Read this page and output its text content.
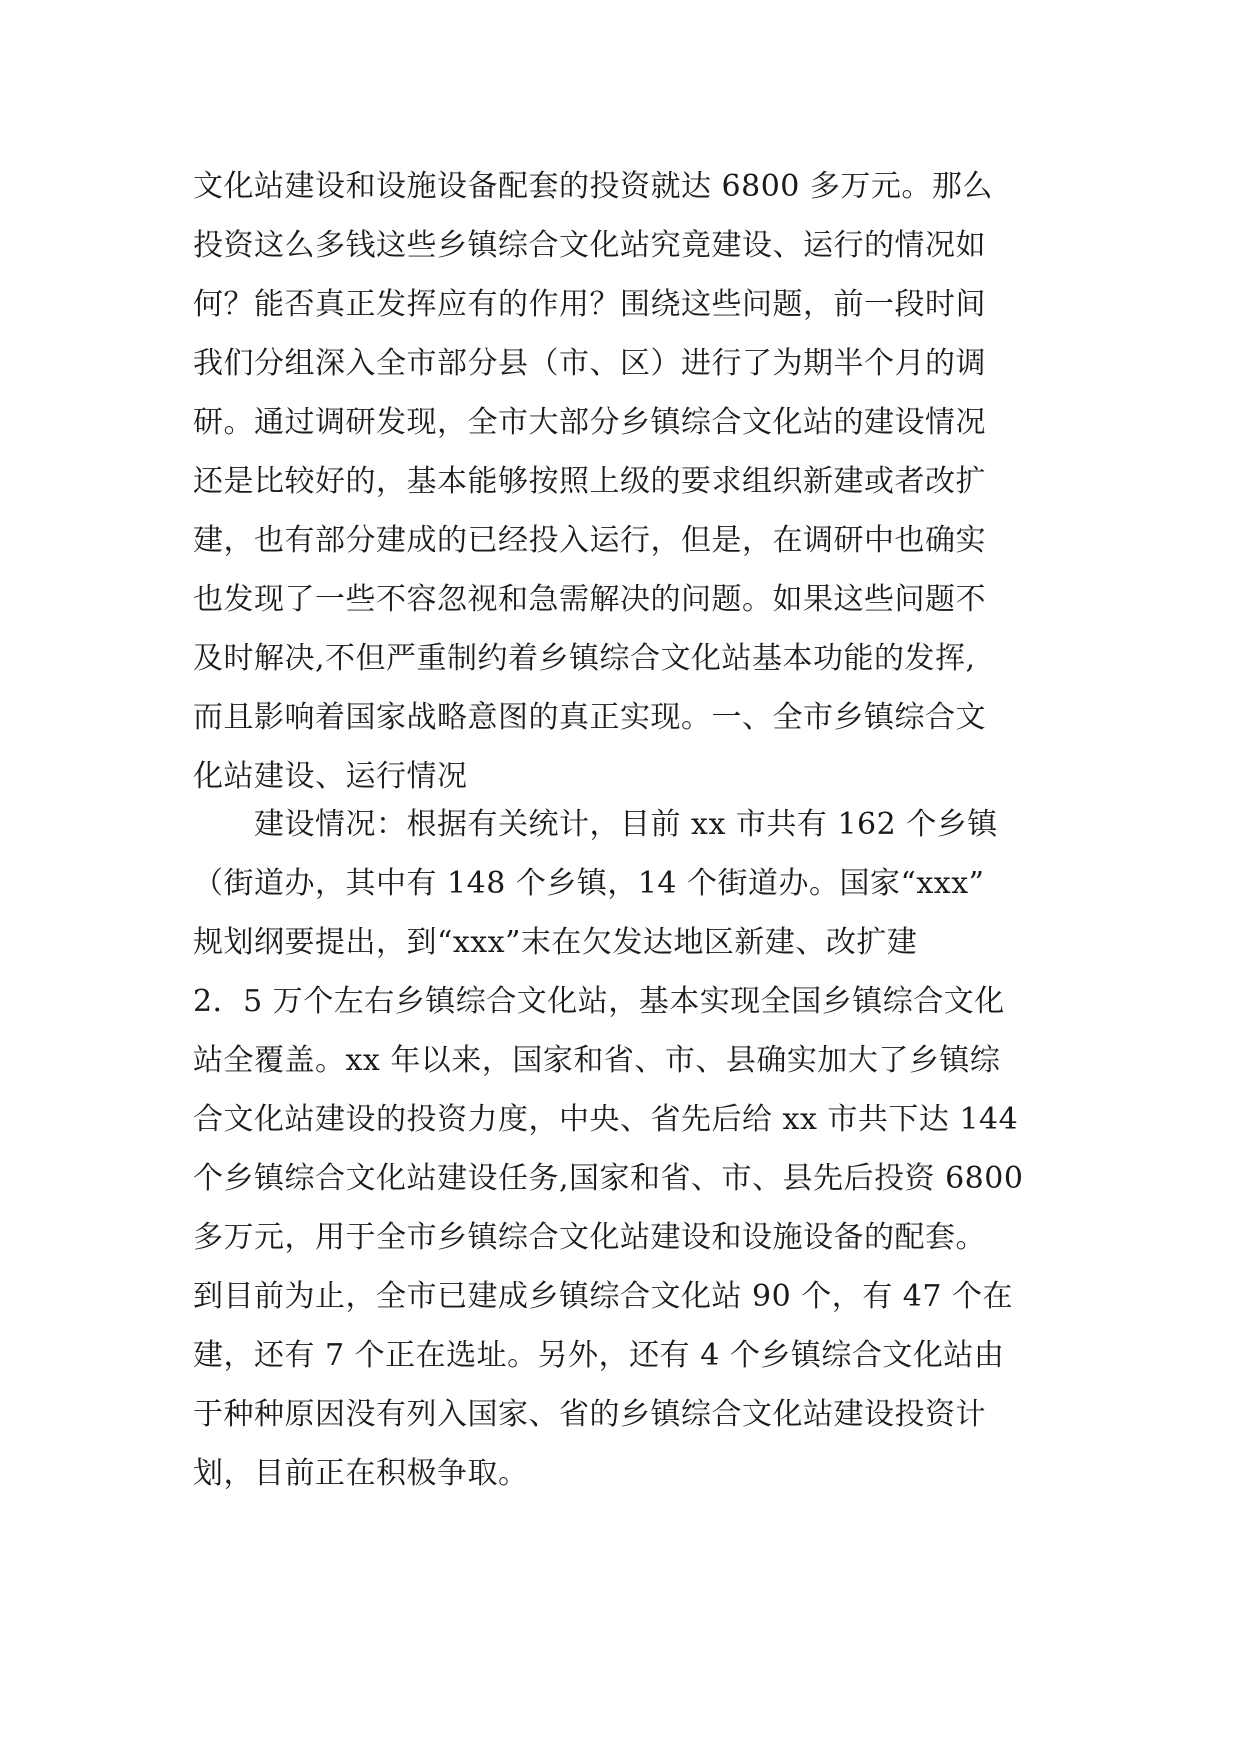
文化站建设和设施设备配套的投资就达 6800 多万元。那么
投资这么多钱这些乡镇综合文化站究竟建设、运行的情况如
何？能否真正发挥应有的作用？围绕这些问题，前一段时间
我们分组深入全市部分县（市、区）进行了为期半个月的调
研。通过调研发现，全市大部分乡镇综合文化站的建设情况
还是比较好的，基本能够按照上级的要求组织新建或者改扩
建，也有部分建成的已经投入运行，但是，在调研中也确实
也发现了一些不容忽视和急需解决的问题。如果这些问题不
及时解决,不但严重制约着乡镇综合文化站基本功能的发挥,
而且影响着国家战略意图的真正实现。一、全市乡镇综合文
化站建设、运行情况
　　建设情况：根据有关统计，目前 xx 市共有 162 个乡镇
（街道办，其中有 148 个乡镇，14 个街道办。国家“xxx”
规划纲要提出，到“xxx”末在欠发达地区新建、改扩建
2．5 万个左右乡镇综合文化站，基本实现全国乡镇综合文化
站全覆盖。xx 年以来，国家和省、市、县确实加大了乡镇综
合文化站建设的投资力度，中央、省先后给 xx 市共下达 144
个乡镇综合文化站建设任务,国家和省、市、县先后投资 6800
多万元，用于全市乡镇综合文化站建设和设施设备的配套。
到目前为止，全市已建成乡镇综合文化站 90 个，有 47 个在
建，还有 7 个正在选址。另外，还有 4 个乡镇综合文化站由
于种种原因没有列入国家、省的乡镇综合文化站建设投资计
划，目前正在积极争取。
